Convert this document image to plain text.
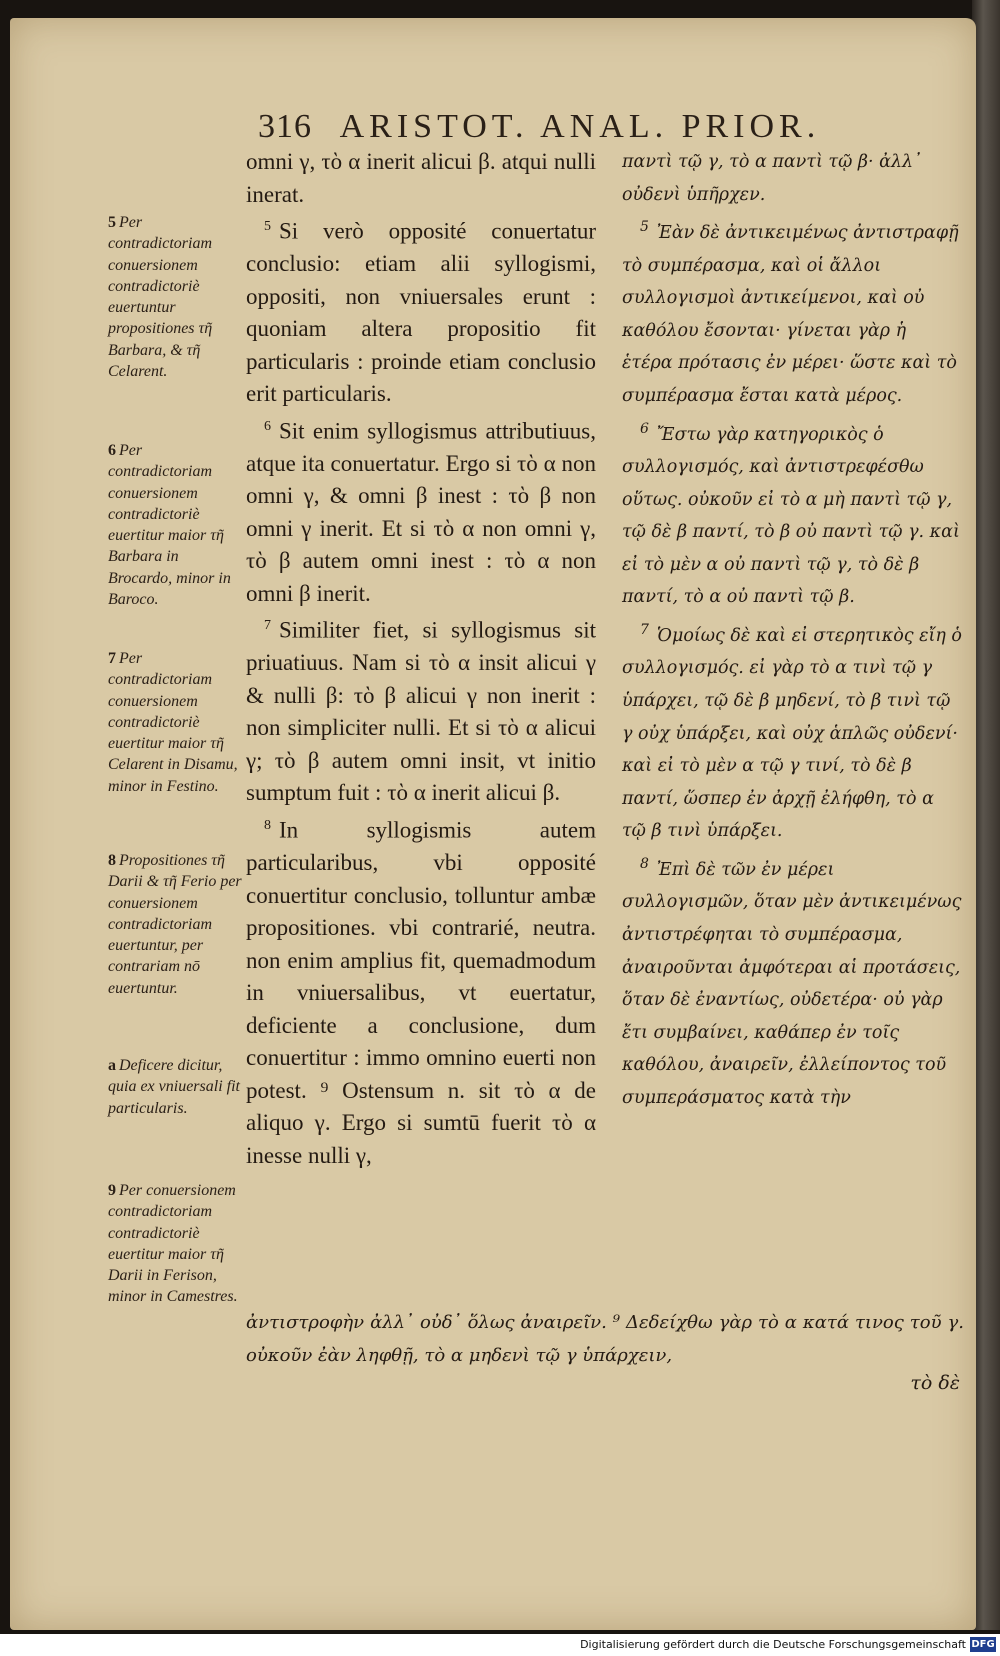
316 ARISTOT. ANAL. PRIOR.
omni γ, τὸ α inerit alicui β. atqui nulli inerat.
$^5$ Si verò opposité conuertatur conclusio: etiam alii syllogismi, oppositi, non vniuersales erunt : quoniam altera propositio fit particularis : proinde etiam conclusio erit particularis.
$^6$ Sit enim syllogismus attributiuus, atque ita conuertatur. Ergo si τὸ α non omni γ, & omni β inest : τὸ β non omni γ inerit. Et si τὸ α non omni γ, τὸ β autem omni inest : τὸ α non omni β inerit.
$^7$ Similiter fiet, si syllogismus sit priuatiuus. Nam si τὸ α insit alicui γ & nulli β: τὸ β alicui γ non inerit : non simpliciter nulli. Et si τὸ α alicui γ; τὸ β autem omni insit, vt initio sumptum fuit : τὸ α inerit alicui β.
$^8$ In syllogismis autem particularibus, vbi opposité conuertitur conclusio, tolluntur ambæ propositiones. vbi contrarié, neutra. non enim amplius fit, quemadmodum in vniuersalibus, vt euertatur, deficiente a conclusione, dum conuertitur : immo omnino euerti non potest. ⁹ Ostensum n. sit τὸ α de aliquo γ. Ergo si sumtū fuerit τὸ α inesse nulli γ,
παντὶ τῷ γ, τὸ α παντὶ τῷ β· ἀλλ᾽ οὐδενὶ ὑπῆρχεν.
$^5$ Ἐὰν δὲ ἀντικειμένως ἀντιστραφῇ τὸ συμπέρασμα, καὶ οἱ ἄλλοι συλλογισμοὶ ἀντικείμενοι, καὶ οὐ καθόλου ἔσονται· γίνεται γὰρ ἡ ἑτέρα πρότασις ἐν μέρει· ὥστε καὶ τὸ συμπέρασμα ἔσται κατὰ μέρος.
$^6$ Ἔστω γὰρ κατηγορικὸς ὁ συλλογισμός, καὶ ἀντιστρεφέσθω οὕτως. οὐκοῦν εἰ τὸ α μὴ παντὶ τῷ γ, τῷ δὲ β παντί, τὸ β οὐ παντὶ τῷ γ. καὶ εἰ τὸ μὲν α οὐ παντὶ τῷ γ, τὸ δὲ β παντί, τὸ α οὐ παντὶ τῷ β.
$^7$ Ὁμοίως δὲ καὶ εἰ στερητικὸς εἴη ὁ συλλογισμός. εἰ γὰρ τὸ α τινὶ τῷ γ ὑπάρχει, τῷ δὲ β μηδενί, τὸ β τινὶ τῷ γ οὐχ ὑπάρξει, καὶ οὐχ ἁπλῶς οὐδενί· καὶ εἰ τὸ μὲν α τῷ γ τινί, τὸ δὲ β παντί, ὥσπερ ἐν ἀρχῇ ἐλήφθη, τὸ α τῷ β τινὶ ὑπάρξει.
$^8$ Ἐπὶ δὲ τῶν ἐν μέρει συλλογισμῶν, ὅταν μὲν ἀντικειμένως ἀντιστρέφηται τὸ συμπέρασμα, ἀναιροῦνται ἀμφότεραι αἱ προτάσεις, ὅταν δὲ ἐναντίως, οὐδετέρα· οὐ γὰρ ἔτι συμβαίνει, καθάπερ ἐν τοῖς καθόλου, ἀναιρεῖν, ἐλλείποντος τοῦ συμπεράσματος κατὰ τὴν
5 Per contradictoriam conuersionem contradictoriè euertuntur propositiones τῆ Barbara, & τῆ Celarent.
6 Per contradictoriam conuersionem contradictoriè euertitur maior τῆ Barbara in Brocardo, minor in Baroco.
7 Per contradictoriam conuersionem contradictoriè euertitur maior τῆ Celarent in Disamu, minor in Festino.
8 Propositiones τῆ Darii & τῆ Ferio per conuersionem contradictoriam euertuntur, per contrariam nō euertuntur.
a Deficere dicitur, quia ex vniuersali fit particularis.
9 Per conuersionem contradictoriam contradictoriè euertitur maior τῆ Darii in Ferison, minor in Camestres.
ἀντιστροφὴν ἀλλ᾽ οὐδ᾽ ὅλως ἀναιρεῖν. ⁹ Δεδείχθω γὰρ τὸ α κατά τινος τοῦ γ. οὐκοῦν ἐὰν ληφθῇ, τὸ α μηδενὶ τῷ γ ὑπάρχειν,
τὸ δὲ
Digitalisierung gefördert durch die Deutsche Forschungsgemeinschaft DFG
